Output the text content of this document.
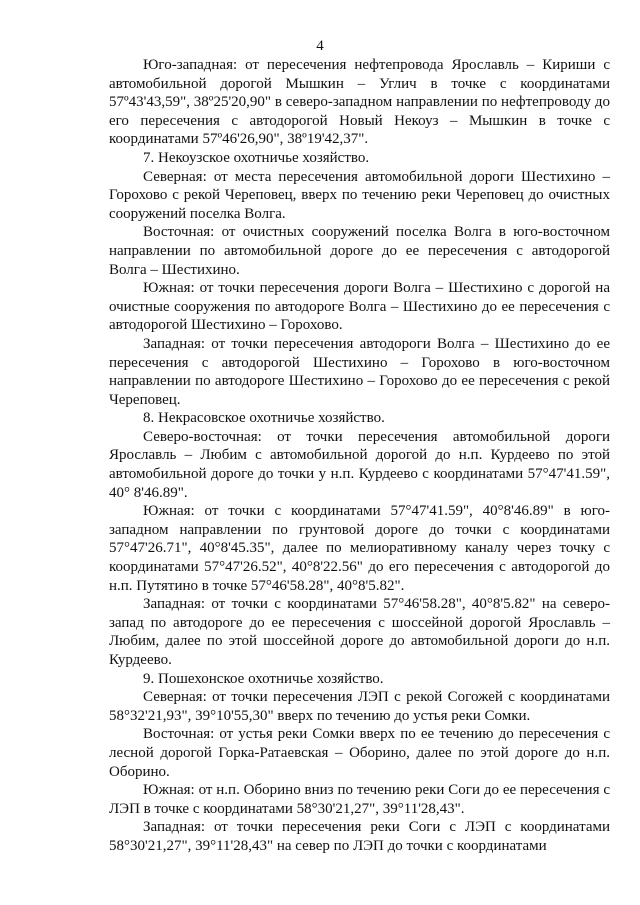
4

Юго-западная: от пересечения нефтепровода Ярославль – Кириши с автомобильной дорогой Мышкин – Углич в точке с координатами 57º43'43,59", 38º25'20,90" в северо-западном направлении по нефтепроводу до его пересечения с автодорогой Новый Некоуз – Мышкин в точке с координатами 57º46'26,90", 38º19'42,37".

7. Некоузское охотничье хозяйство.

Северная: от места пересечения автомобильной дороги Шестихино – Горохово с рекой Череповец, вверх по течению реки Череповец до очистных сооружений поселка Волга.

Восточная: от очистных сооружений поселка Волга в юго-восточном направлении по автомобильной дороге до ее пересечения с автодорогой Волга – Шестихино.

Южная: от точки пересечения дороги Волга – Шестихино с дорогой на очистные сооружения по автодороге Волга – Шестихино до ее пересечения с автодорогой Шестихино – Горохово.

Западная: от точки пересечения автодороги Волга – Шестихино до ее пересечения с автодорогой Шестихино – Горохово в юго-восточном направлении по автодороге Шестихино – Горохово до ее пересечения с рекой Череповец.

8. Некрасовское охотничье хозяйство.

Северо-восточная: от точки пересечения автомобильной дороги Ярославль – Любим с автомобильной дорогой до н.п. Курдеево по этой автомобильной дороге до точки у н.п. Курдеево с координатами 57°47'41.59", 40° 8'46.89".

Южная: от точки с координатами 57°47'41.59", 40°8'46.89" в юго-западном направлении по грунтовой дороге до точки с координатами 57°47'26.71", 40°8'45.35", далее по мелиоративному каналу через точку с координатами 57°47'26.52", 40°8'22.56" до его пересечения с автодорогой до н.п. Путятино в точке 57°46'58.28", 40°8'5.82".

Западная: от точки с координатами 57°46'58.28", 40°8'5.82" на северо-запад по автодороге до ее пересечения с шоссейной дорогой Ярославль – Любим, далее по этой шоссейной дороге до автомобильной дороги до н.п. Курдеево.

9. Пошехонское охотничье хозяйство.

Северная: от точки пересечения ЛЭП с рекой Согожей с координатами 58°32'21,93", 39°10'55,30" вверх по течению до устья реки Сомки.

Восточная: от устья реки Сомки вверх по ее течению до пересечения с лесной дорогой Горка-Ратаевская – Оборино, далее по этой дороге до н.п. Оборино.

Южная: от н.п. Оборино вниз по течению реки Соги до ее пересечения с ЛЭП в точке с координатами 58°30'21,27", 39°11'28,43".

Западная: от точки пересечения реки Соги с ЛЭП с координатами 58°30'21,27", 39°11'28,43" на север по ЛЭП до точки с координатами
